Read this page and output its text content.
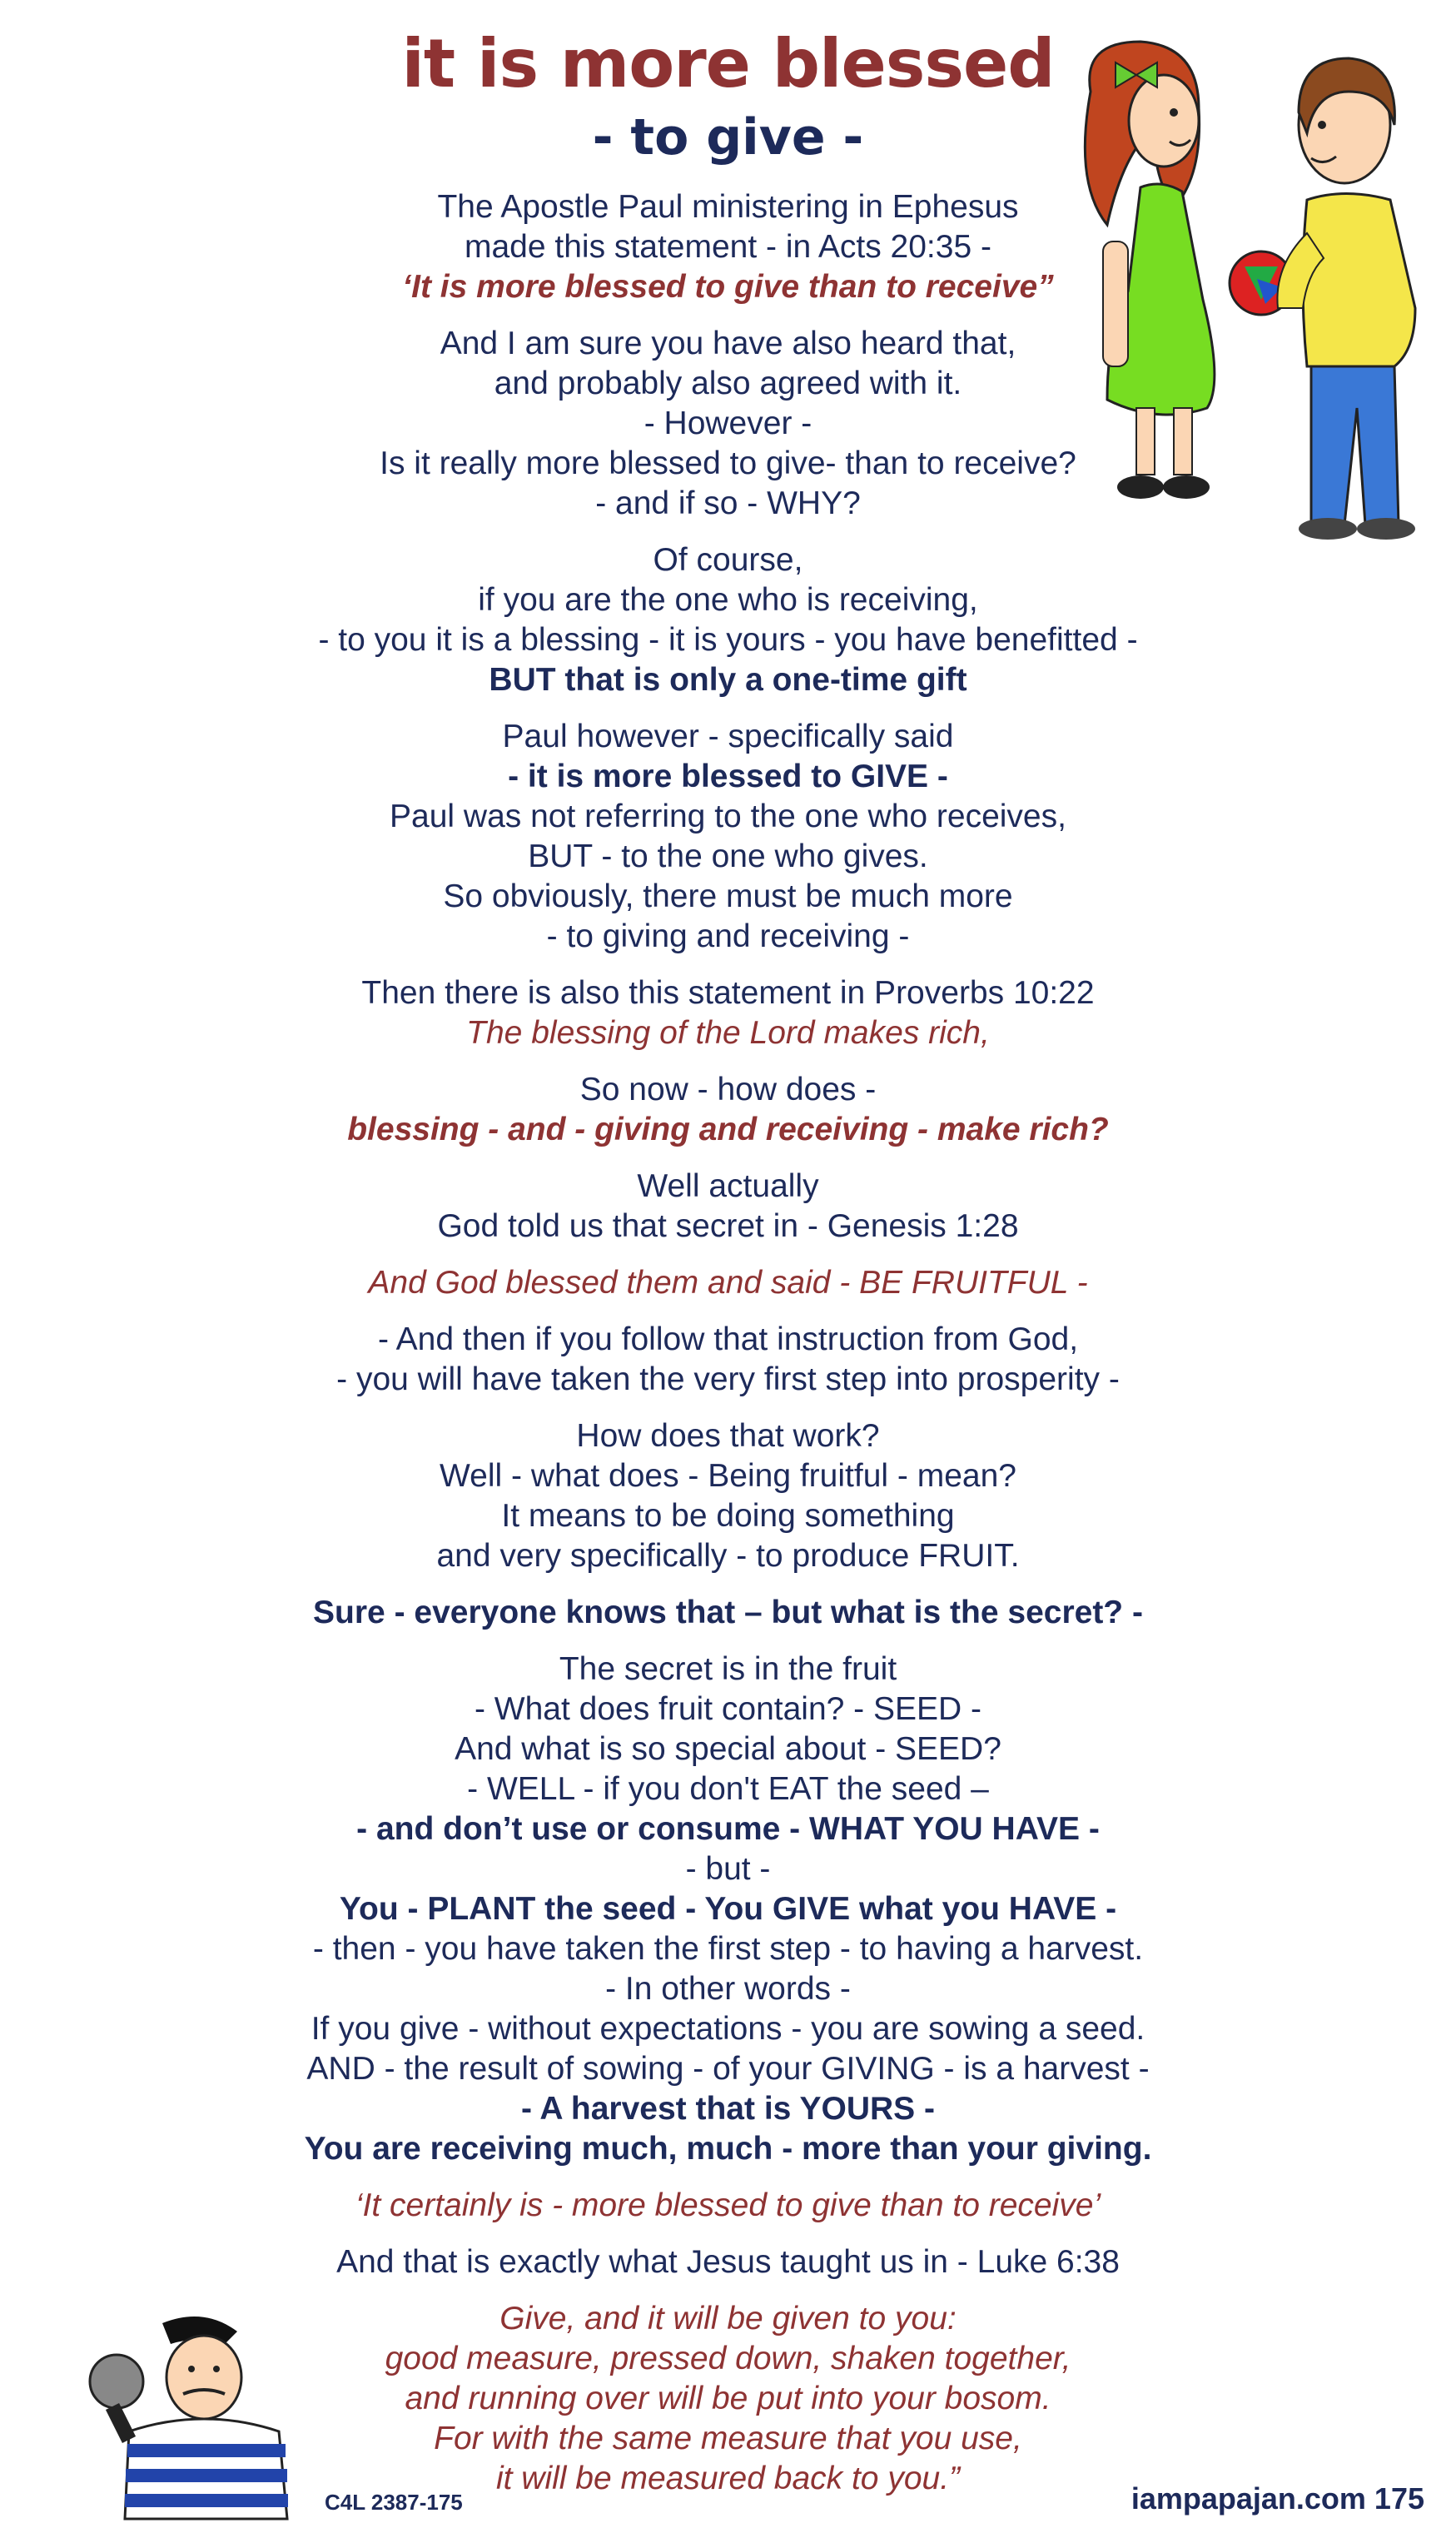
it is more blessed
- to give -
The Apostle Paul ministering in Ephesus
made this statement - in Acts 20:35 -
‘It is more blessed to give than to receive”
And I am sure you have also heard that,
and probably also agreed with it.
- However -
Is it really more blessed to give- than to receive?
- and if so - WHY?
Of course,
if you are the one who is receiving,
- to you it is a blessing - it is yours - you have benefitted -
BUT that is only a one-time gift
Paul however - specifically said
- it is more blessed to GIVE -
Paul was not referring to the one who receives,
BUT - to the one who gives.
So obviously, there must be much more
- to giving and receiving -
Then there is also this statement in Proverbs 10:22
The blessing of the Lord makes rich,
So now - how does -
blessing - and - giving and receiving - make rich?
Well actually
God told us that secret in - Genesis 1:28
And God blessed them and said - BE FRUITFUL -
- And then if you follow that instruction from God,
- you will have taken the very first step into prosperity -
How does that work?
Well - what does - Being fruitful - mean?
It means to be doing something
and very specifically - to produce FRUIT.
Sure - everyone knows that – but what is the secret? -
The secret is in the fruit
- What does fruit contain? - SEED -
And what is so special about - SEED?
- WELL - if you don't EAT the seed –
- and don’t use or consume - WHAT YOU HAVE -
- but -
You - PLANT the seed - You GIVE what you HAVE -
- then - you have taken the first step - to having a harvest.
- In other words -
If you give - without expectations - you are sowing a seed.
AND - the result of sowing - of your GIVING - is a harvest -
- A harvest that is YOURS -
You are receiving much, much - more than your giving.
‘It certainly is - more blessed to give than to receive’
And that is exactly what Jesus taught us in - Luke 6:38
Give, and it will be given to you:
good measure, pressed down, shaken together,
and running over will be put into your bosom.
For with the same measure that you use,
it will be measured back to you.”
C4L 2387-175	iampapajan.com 175
